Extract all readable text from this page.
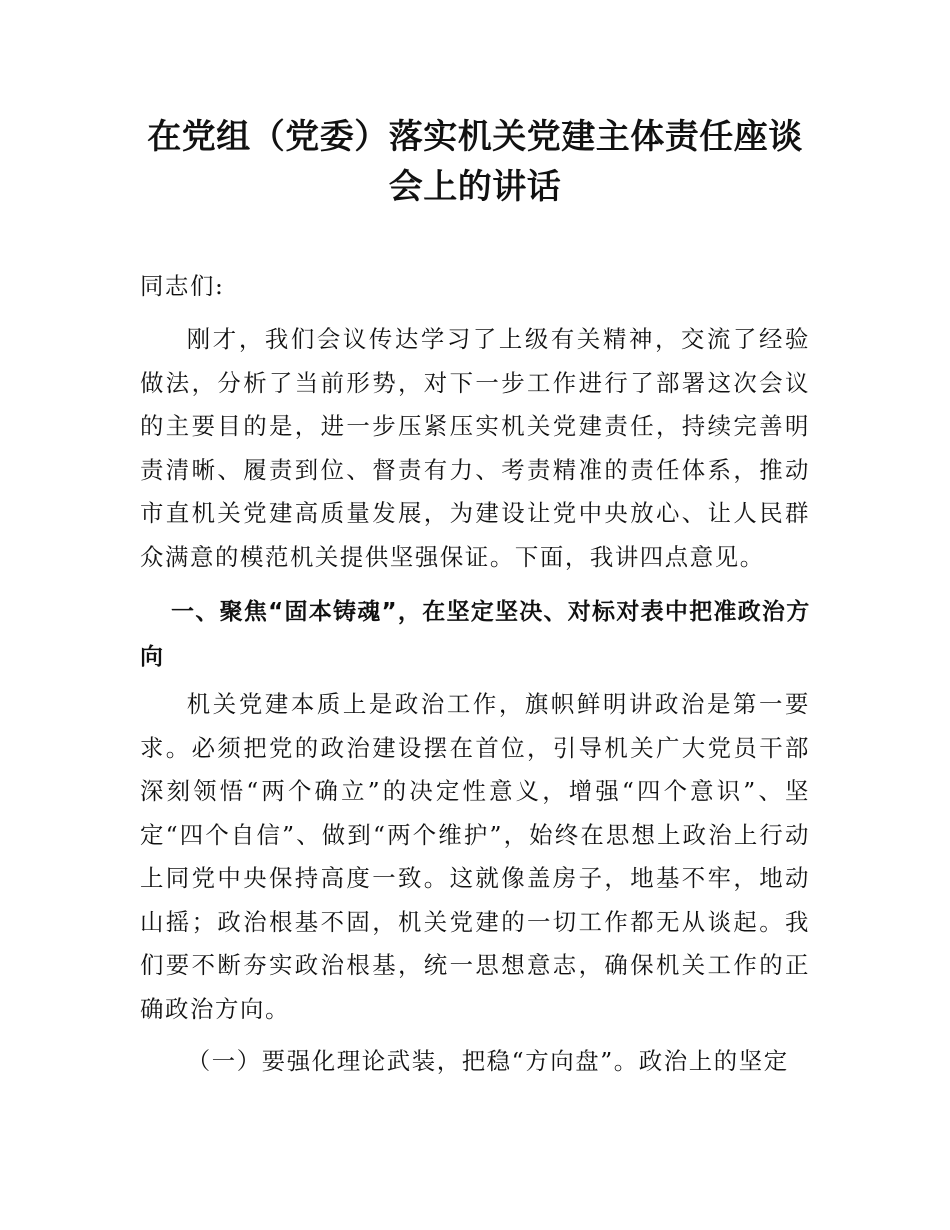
在党组（党委）落实机关党建主体责任座谈会上的讲话
同志们:

刚才，我们会议传达学习了上级有关精神，交流了经验做法，分析了当前形势，对下一步工作进行了部署这次会议的主要目的是，进一步压紧压实机关党建责任，持续完善明责清晰、履责到位、督责有力、考责精准的责任体系，推动市直机关党建高质量发展，为建设让党中央放心、让人民群众满意的模范机关提供坚强保证。下面，我讲四点意见。

一、聚焦“固本铸魂”，在坚定坚决、对标对表中把准政治方向

机关党建本质上是政治工作，旗帜鲜明讲政治是第一要求。必须把党的政治建设摆在首位，引导机关广大党员干部深刻领悟“两个确立”的决定性意义，增强“四个意识”、坚定“四个自信”、做到“两个维护”，始终在思想上政治上行动上同党中央保持高度一致。这就像盖房子，地基不牢，地动山摇；政治根基不固，机关党建的一切工作都无从谈起。我们要不断夯实政治根基，统一思想意志，确保机关工作的正确政治方向。

（一）要强化理论武装，把稳“方向盘”。政治上的坚定
